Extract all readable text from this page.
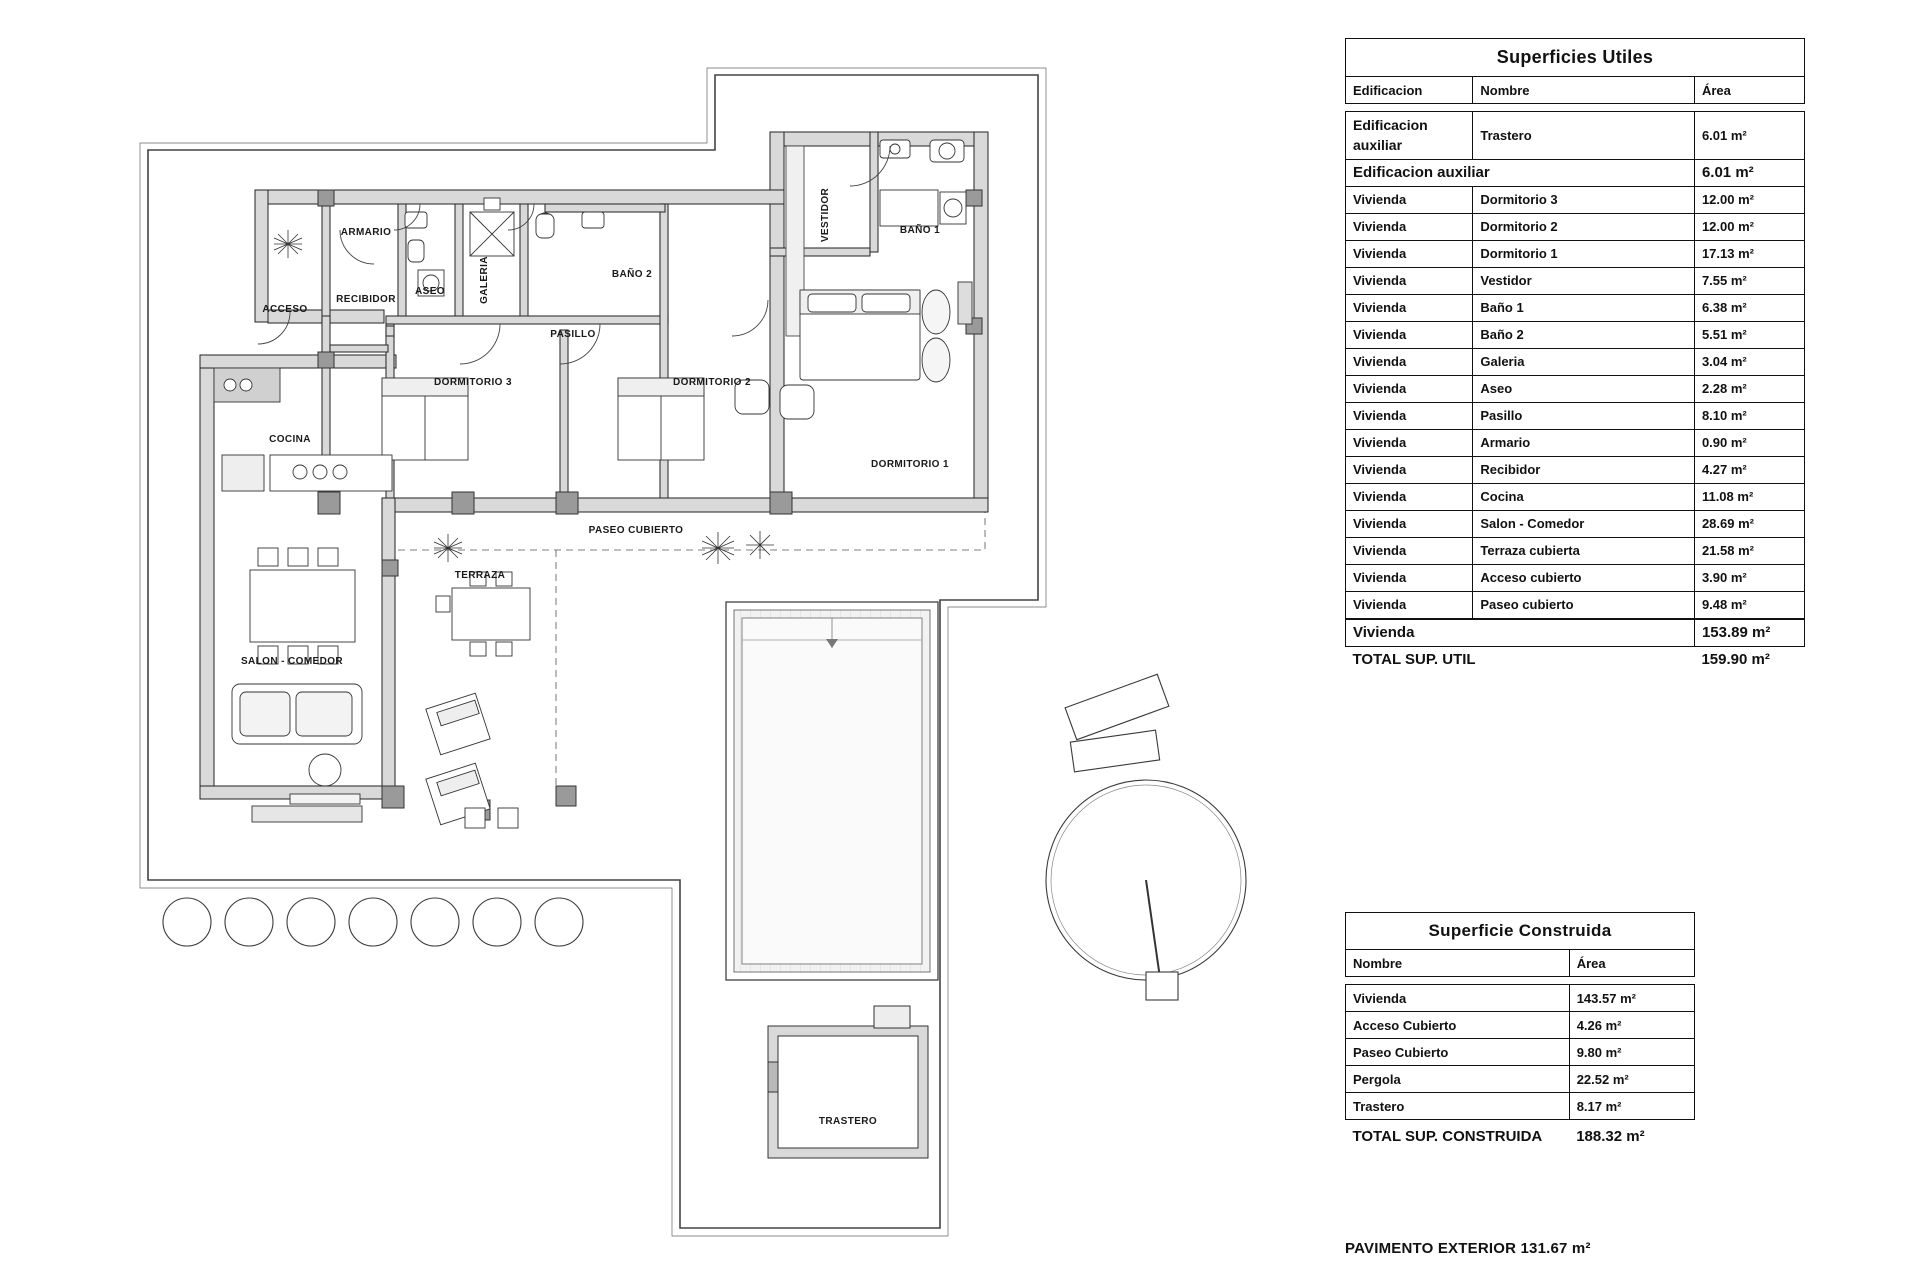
ACCESO
ARMARIO
RECIBIDOR
ASEO	GALERIA	BAÑO 2
BAÑO 1
VESTIDOR
PASILLO
DORMITORIO 3	DORMITORIO 2
DORMITORIO 1
COCINA
SALON - COMEDOR
TERRAZA
PASEO CUBIERTO
TRASTERO
Superficies Utiles		
Edificacion	Nombre	Área

Edificacion
auxiliar	Trastero	6.01 m²
Edificacion auxiliar		6.01 m²
Vivienda	Dormitorio 3	12.00 m²
Vivienda	Dormitorio 2	12.00 m²
Vivienda	Dormitorio 1	17.13 m²
Vivienda	Vestidor	7.55 m²
Vivienda	Baño 1	6.38 m²
Vivienda	Baño 2	5.51 m²
Vivienda	Galeria	3.04 m²
Vivienda	Aseo	2.28 m²
Vivienda	Pasillo	8.10 m²
Vivienda	Armario	0.90 m²
Vivienda	Recibidor	4.27 m²
Vivienda	Cocina	11.08 m²
Vivienda	Salon - Comedor	28.69 m²
Vivienda	Terraza cubierta	21.58 m²
Vivienda	Acceso cubierto	3.90 m²
Vivienda	Paseo cubierto	9.48 m²
Vivienda		153.89 m²
TOTAL SUP. UTIL		159.90 m²
Superficie Construida	
Nombre	Área

Vivienda	143.57 m²
Acceso Cubierto	4.26 m²
Paseo Cubierto	9.80 m²
Pergola	22.52 m²
Trastero	8.17 m²
TOTAL SUP. CONSTRUIDA	188.32 m²
PAVIMENTO EXTERIOR 131.67 m²
